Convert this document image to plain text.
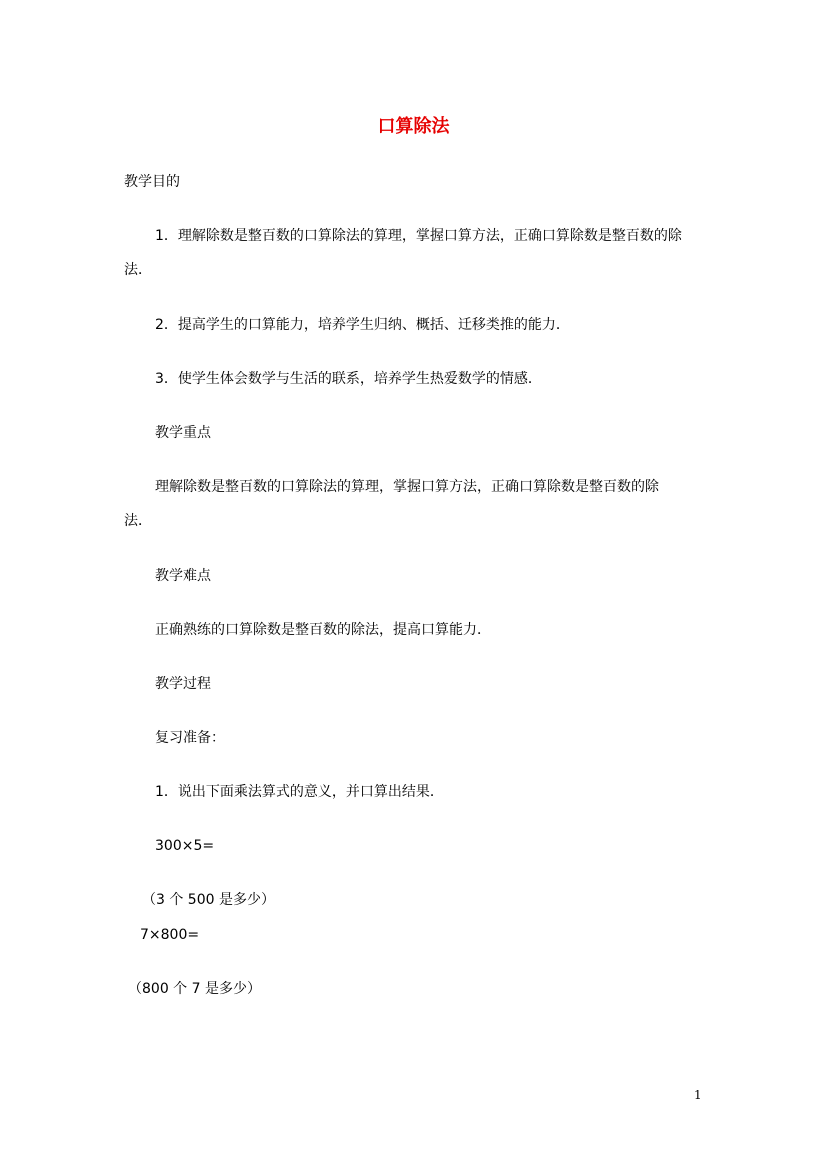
口算除法
教学目的
1．理解除数是整百数的口算除法的算理，掌握口算方法，正确口算除数是整百数的除
法．
2．提高学生的口算能力，培养学生归纳、概括、迁移类推的能力．
3．使学生体会数学与生活的联系，培养学生热爱数学的情感．
教学重点
理解除数是整百数的口算除法的算理，掌握口算方法，正确口算除数是整百数的除
法．
教学难点
正确熟练的口算除数是整百数的除法，提高口算能力．
教学过程
复习准备：
1．说出下面乘法算式的意义，并口算出结果．
300×5=
（3 个 500 是多少）
7×800=
（800 个 7 是多少）
1
